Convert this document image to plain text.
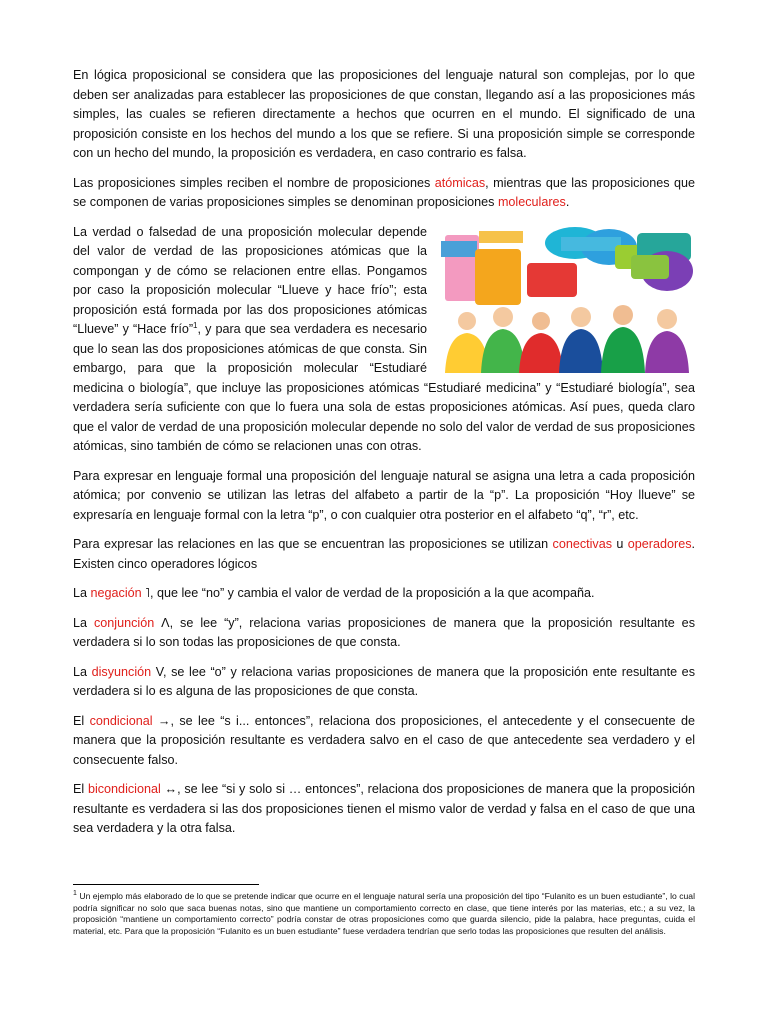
En lógica proposicional se considera que las proposiciones del lenguaje natural son complejas, por lo que deben ser analizadas para establecer las proposiciones de que constan, llegando así a las proposiciones más simples, las cuales se refieren directamente a hechos que ocurren en el mundo. El significado de una proposición consiste en los hechos del mundo a los que se refiere. Si una proposición simple se corresponde con un hecho del mundo, la proposición es verdadera, en caso contrario es falsa.

Las proposiciones simples reciben el nombre de proposiciones atómicas, mientras que las proposiciones que se componen de varias proposiciones simples se denominan proposiciones moleculares.

La verdad o falsedad de una proposición molecular depende del valor de verdad de las proposiciones atómicas que la compongan y de cómo se relacionen entre ellas. Pongamos por caso la proposición molecular “Llueve y hace frío”; esta proposición está formada por las dos proposiciones atómicas “Llueve” y “Hace frío”$^1$, y para que sea verdadera es necesario que lo sean las dos proposiciones atómicas de que consta. Sin embargo, para que la proposición molecular “Estudiaré medicina o biología”, que incluye las proposiciones atómicas “Estudiaré medicina” y “Estudiaré biología”, sea verdadera sería suficiente con que lo fuera una sola de estas proposiciones atómicas. Así pues, queda claro que el valor de verdad de una proposición molecular depende no solo del valor de verdad de sus proposiciones atómicas, sino también de cómo se relacionen unas con otras.

Para expresar en lenguaje formal una proposición del lenguaje natural se asigna una letra a cada proposición atómica; por convenio se utilizan las letras del alfabeto a partir de la “p”. La proposición “Hoy llueve” se expresaría en lenguaje formal con la letra “p”, o con cualquier otra posterior en el alfabeto “q”, “r”, etc.

Para expresar las relaciones en las que se encuentran las proposiciones se utilizan conectivas u operadores. Existen cinco operadores lógicos

La negación ˥, que lee “no” y cambia el valor de verdad de la proposición a la que acompaña.

La conjunción Λ, se lee “y”, relaciona varias proposiciones de manera que la proposición resultante es verdadera si lo son todas las proposiciones de que consta.

La disyunción V, se lee “o” y relaciona varias proposiciones de manera que la proposición ente resultante es verdadera si lo es alguna de las proposiciones de que consta.

El condicional →, se lee “s i... entonces”, relaciona dos proposiciones, el antecedente y el consecuente de manera que la proposición resultante es verdadera salvo en el caso de que antecedente sea verdadero y el consecuente falso.

El bicondicional ↔, se lee “si y solo si … entonces”, relaciona dos proposiciones de manera que la proposición resultante es verdadera si las dos proposiciones tienen el mismo valor de verdad y falsa en el caso de que una sea verdadera y la otra falsa.

$^1$ Un ejemplo más elaborado de lo que se pretende indicar que ocurre en el lenguaje natural sería una proposición del tipo “Fulanito es un buen estudiante”, lo cual podría significar no solo que saca buenas notas, sino que mantiene un comportamiento correcto en clase, que tiene interés por las materias, etc.; a su vez, la proposición “mantiene un comportamiento correcto” podría constar de otras proposiciones como que guarda silencio, pide la palabra, hace preguntas, cuida el material, etc. Para que la proposición “Fulanito es un buen estudiante” fuese verdadera tendrían que serlo todas las proposiciones que resulten del análisis.
